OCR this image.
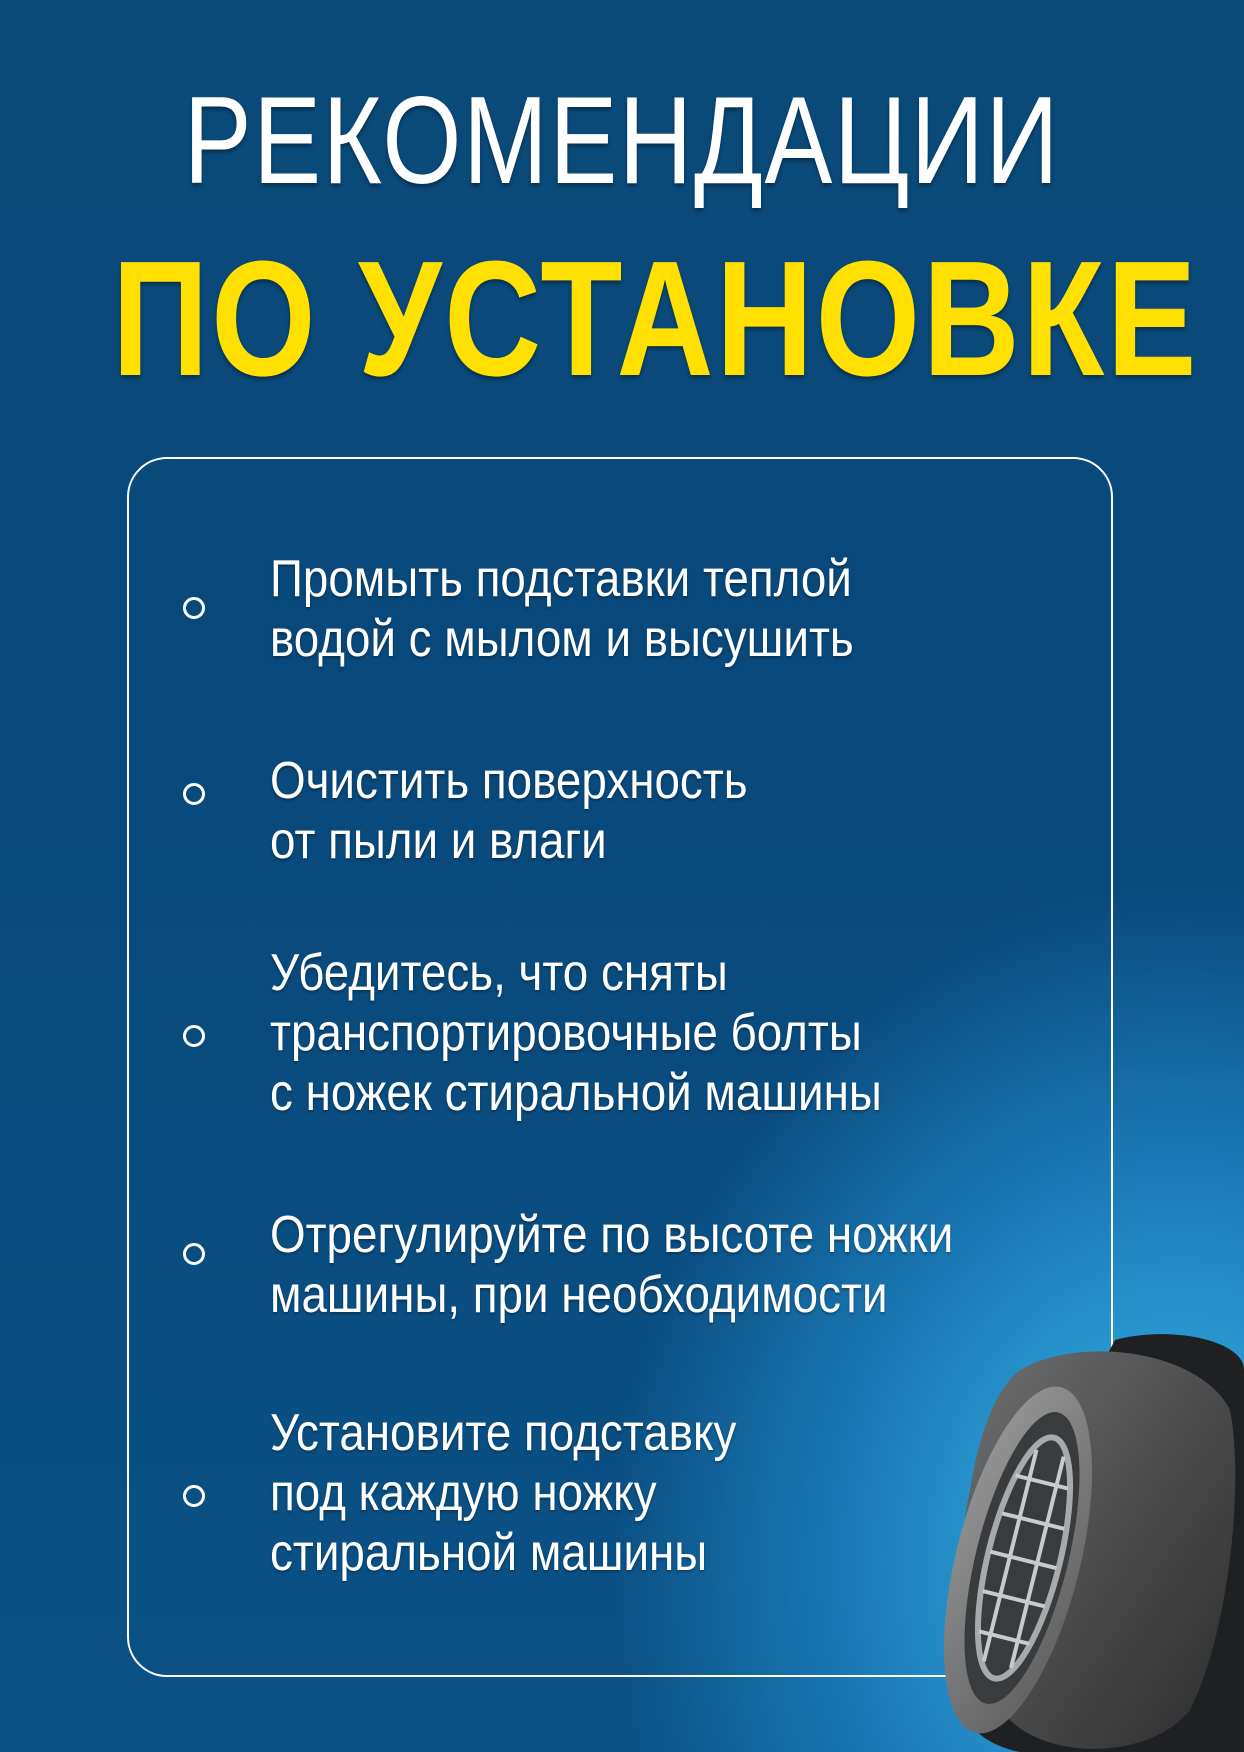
РЕКОМЕНДАЦИИ
ПО УСТАНОВКЕ
Промыть подставки теплой
водой с мылом и высушить
Очистить поверхность
от пыли и влаги
Убедитесь, что сняты
транспортировочные болты
с ножек стиральной машины
Отрегулируйте по высоте ножки
машины, при необходимости
Установите подставку
под каждую ножку
стиральной машины
